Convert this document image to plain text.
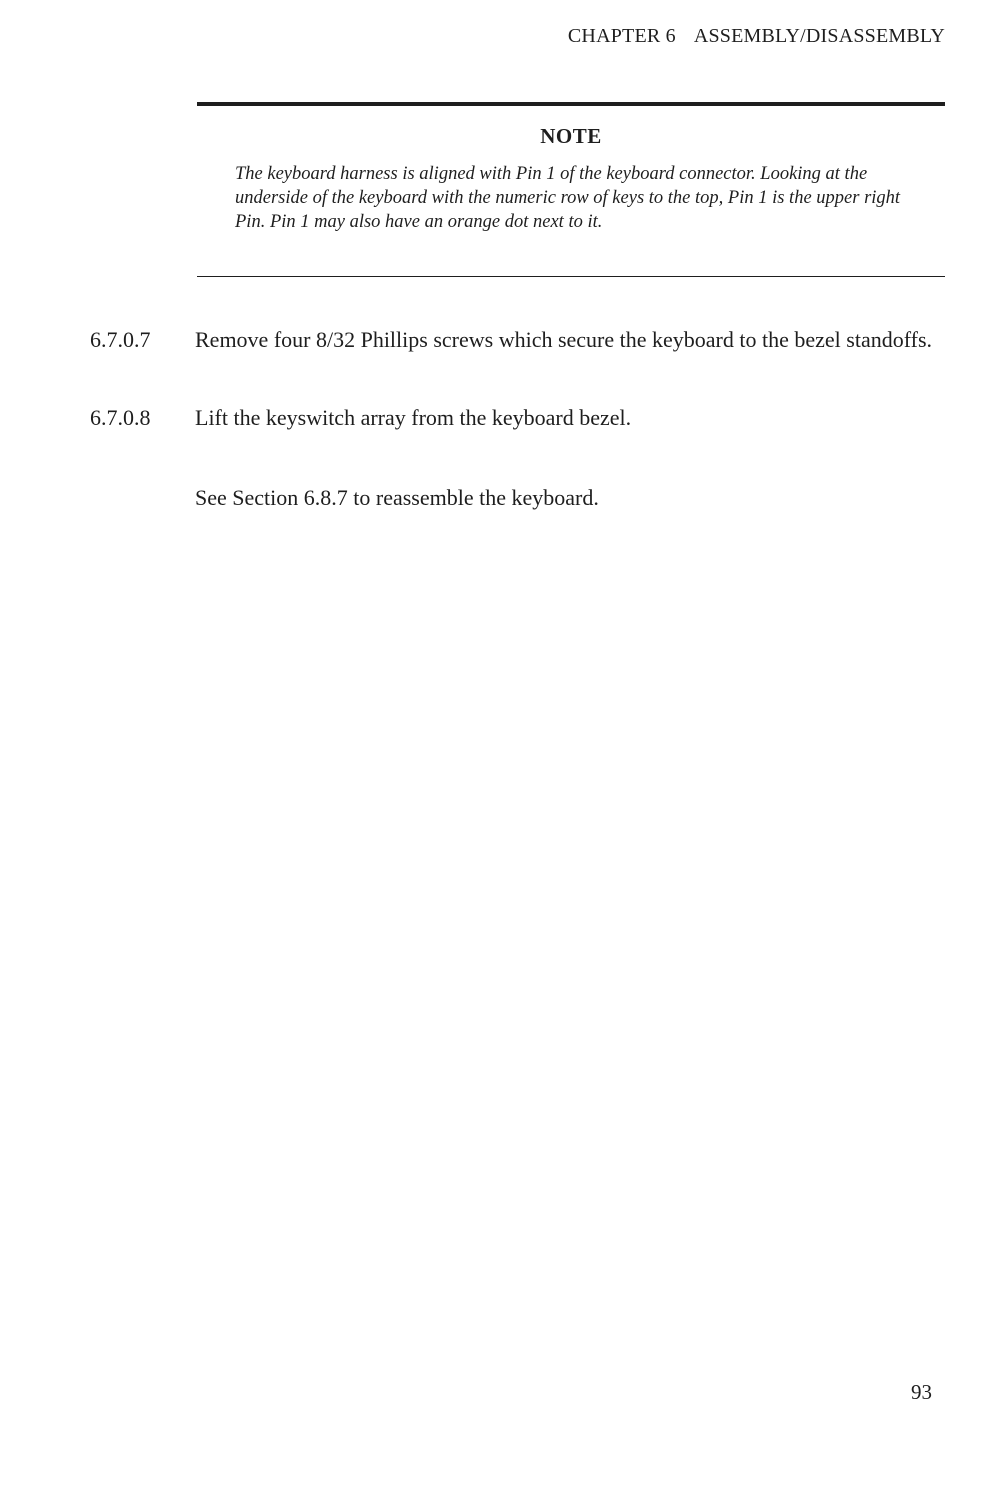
CHAPTER 6 ASSEMBLY/DISASSEMBLY
NOTE
The keyboard harness is aligned with Pin 1 of the keyboard connector. Looking at the underside of the keyboard with the numeric row of keys to the top, Pin 1 is the upper right Pin. Pin 1 may also have an orange dot next to it.
6.7.0.7 Remove four 8/32 Phillips screws which secure the keyboard to the bezel standoffs.
6.7.0.8 Lift the keyswitch array from the keyboard bezel.
See Section 6.8.7 to reassemble the keyboard.
93
